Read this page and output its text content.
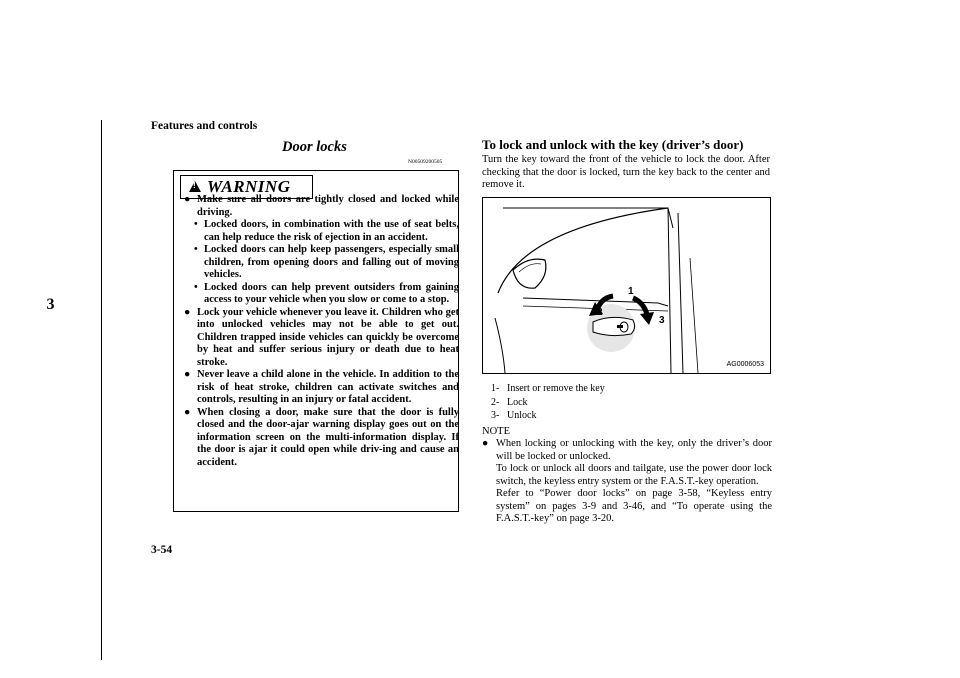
3
Features and controls
3-54
Door locks
N00509200505
!
WARNING
● Make sure all doors are tightly closed and locked while driving.
• Locked doors, in combination with the use of seat belts, can help reduce the risk of ejection in an accident.
• Locked doors can help keep passengers, especially small children, from opening doors and falling out of moving vehicles.
• Locked doors can help prevent outsiders from gaining access to your vehicle when you slow or come to a stop.
● Lock your vehicle whenever you leave it. Children who get into unlocked vehicles may not be able to get out. Children trapped inside vehicles can quickly be overcome by heat and suffer serious injury or death due to heat stroke.
● Never leave a child alone in the vehicle. In addition to the risk of heat stroke, children can activate switches and controls, resulting in an injury or fatal accident.
● When closing a door, make sure that the door is fully closed and the door-ajar warning display goes out on the information screen on the multi-information display. If the door is ajar it could open while driv-ing and cause an accident.
To lock and unlock with the key (driver’s door)
Turn the key toward the front of the vehicle to lock the door. After checking that the door is locked, turn the key back to the center and remove it.
1
2
3
AG0006053
1- Insert or remove the key
2- Lock
3- Unlock
NOTE
● When locking or unlocking with the key, only the driver’s door will be locked or unlocked.

To lock or unlock all doors and tailgate, use the power door lock switch, the keyless entry system or the F.A.S.T.-key operation.

Refer to “Power door locks” on page 3-58, “Keyless entry system” on pages 3-9 and 3-46, and “To operate using the F.A.S.T.-key” on page 3-20.
